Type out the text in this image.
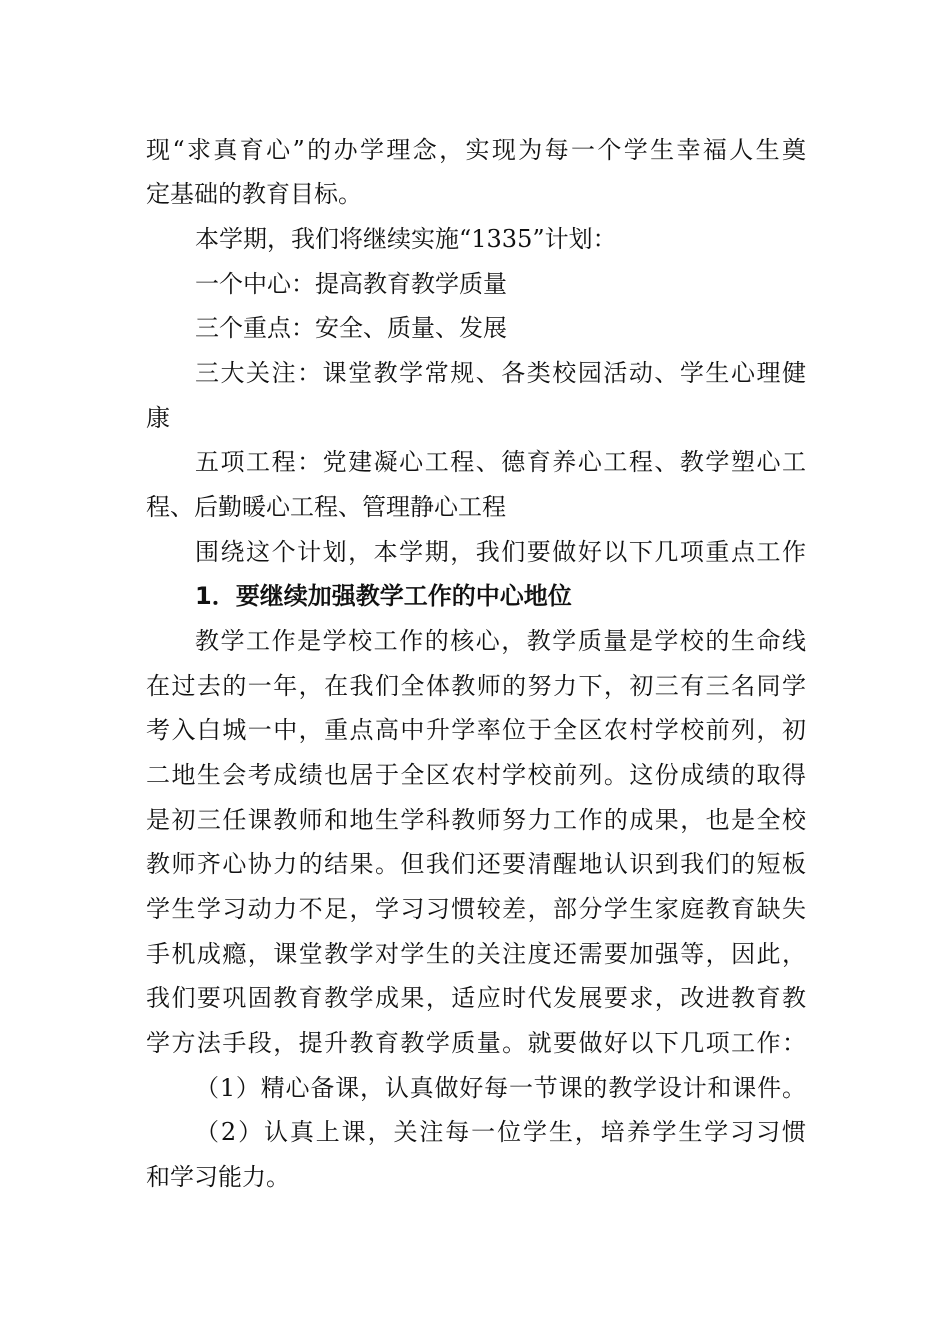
现“求真育心”的办学理念，实现为每一个学生幸福人生奠

定基础的教育目标。

本学期，我们将继续实施“1335”计划：

一个中心：提高教育教学质量

三个重点：安全、质量、发展

三大关注：课堂教学常规、各类校园活动、学生心理健

康

五项工程：党建凝心工程、德育养心工程、教学塑心工

程、后勤暖心工程、管理静心工程

围绕这个计划，本学期，我们要做好以下几项重点工作

1．要继续加强教学工作的中心地位

教学工作是学校工作的核心，教学质量是学校的生命线

在过去的一年，在我们全体教师的努力下，初三有三名同学

考入白城一中，重点高中升学率位于全区农村学校前列，初

二地生会考成绩也居于全区农村学校前列。这份成绩的取得

是初三任课教师和地生学科教师努力工作的成果，也是全校

教师齐心协力的结果。但我们还要清醒地认识到我们的短板

学生学习动力不足，学习习惯较差，部分学生家庭教育缺失

手机成瘾，课堂教学对学生的关注度还需要加强等，因此，

我们要巩固教育教学成果，适应时代发展要求，改进教育教

学方法手段，提升教育教学质量。就要做好以下几项工作：

（1）精心备课，认真做好每一节课的教学设计和课件。

（2）认真上课，关注每一位学生，培养学生学习习惯

和学习能力。
